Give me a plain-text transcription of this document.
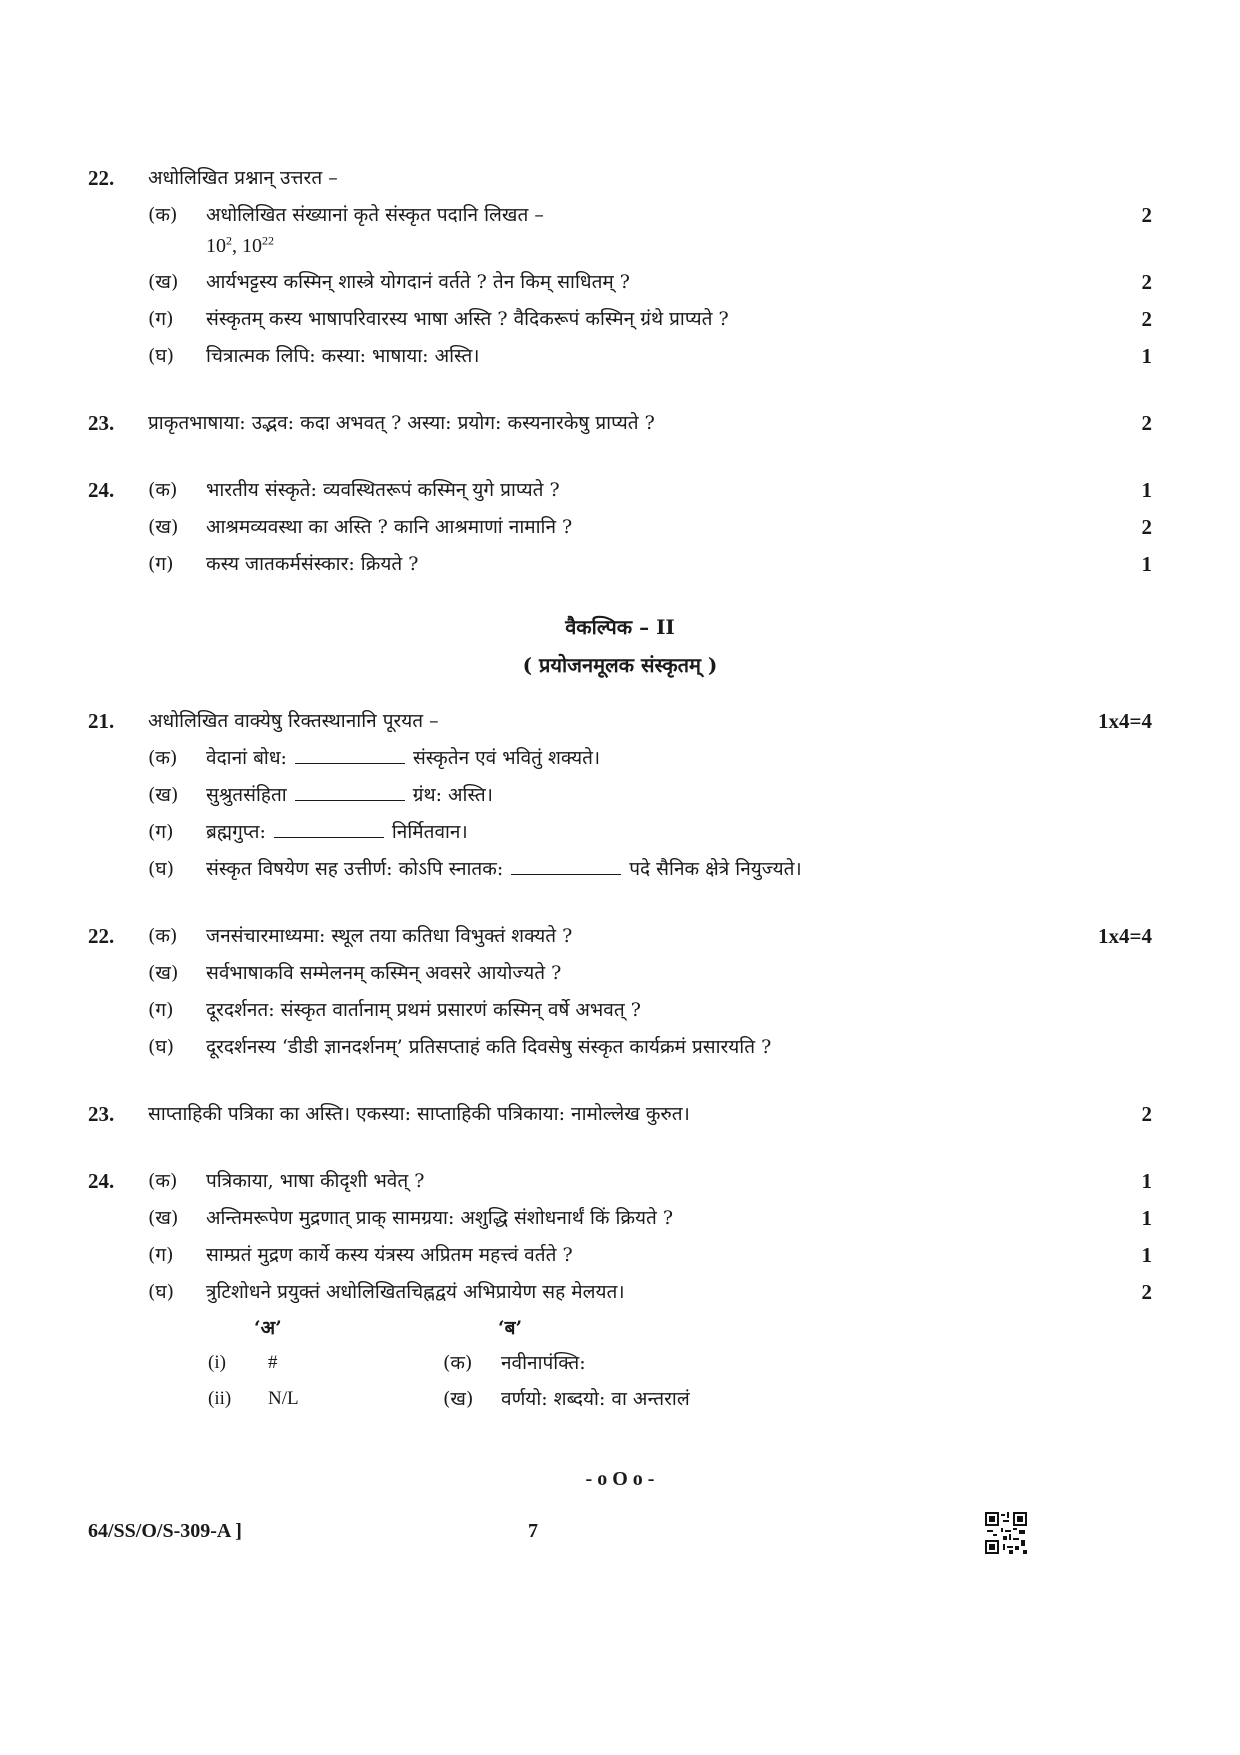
22.	अधोलिखित प्रश्नान् उत्तरत –
(क)	अधोलिखित संख्यानां कृते संस्कृत पदानि लिखत –	2
$10^2$, $10^{22}$
(ख)	आर्यभट्टस्य कस्मिन् शास्त्रे योगदानं वर्तते ? तेन किम् साधितम् ?	2
(ग)	संस्कृतम् कस्य भाषापरिवारस्य भाषा अस्ति ? वैदिकरूपं कस्मिन् ग्रंथे प्राप्यते ?	2
(घ)	चित्रात्मक लिपि: कस्या: भाषाया: अस्ति।	1
23.	प्राकृतभाषाया: उद्भव: कदा अभवत् ? अस्या: प्रयोग: कस्यनारकेषु प्राप्यते ?	2
24.	(क)	भारतीय संस्कृते: व्यवस्थितरूपं कस्मिन् युगे प्राप्यते ?	1
(ख)	आश्रमव्यवस्था का अस्ति ? कानि आश्रमाणां नामानि ?	2
(ग)	कस्य जातकर्मसंस्कार: क्रियते ?	1
वैकल्पिक – II
( प्रयोजनमूलक संस्कृतम् )
21.	अधोलिखित वाक्येषु रिक्तस्थानानि पूरयत –	1x4=4
(क)	वेदानां बोध:	संस्कृतेन एवं भवितुं शक्यते।
(ख)	सुश्रुतसंहिता	ग्रंथ: अस्ति।
(ग)	ब्रह्मगुप्त:	निर्मितवान।
(घ)	संस्कृत विषयेण सह उत्तीर्ण: कोऽपि स्नातक:	पदे सैनिक क्षेत्रे नियुज्यते।
22.	(क)	जनसंचारमाध्यमा: स्थूल तया कतिधा विभुक्तं शक्यते ?	1x4=4
(ख)	सर्वभाषाकवि सम्मेलनम् कस्मिन् अवसरे आयोज्यते ?
(ग)	दूरदर्शनत: संस्कृत वार्तानाम् प्रथमं प्रसारणं कस्मिन् वर्षे अभवत् ?
(घ)	दूरदर्शनस्य ‘डीडी ज्ञानदर्शनम्’ प्रतिसप्ताहं कति दिवसेषु संस्कृत कार्यक्रमं प्रसारयति ?
23.	साप्ताहिकी पत्रिका का अस्ति। एकस्या: साप्ताहिकी पत्रिकाया: नामोल्लेख कुरुत।	2
24.	(क)	पत्रिकाया, भाषा कीदृशी भवेत् ?	1
(ख)	अन्तिमरूपेण मुद्रणात् प्राक् सामग्रया: अशुद्धि संशोधनार्थं किं क्रियते ?	1
(ग)	साम्प्रतं मुद्रण कार्ये कस्य यंत्रस्य अप्रितम महत्त्वं वर्तते ?	1
(घ)	त्रुटिशोधने प्रयुक्तं अधोलिखितचिह्नद्वयं अभिप्रायेण सह मेलयत।	2
‘अ’	‘ब’
(i) #	(क) नवीनापंक्ति:
(ii) N/L	(ख) वर्णयो: शब्दयो: वा अन्तरालं
- o O o -
64/SS/O/S-309-A ]	7
